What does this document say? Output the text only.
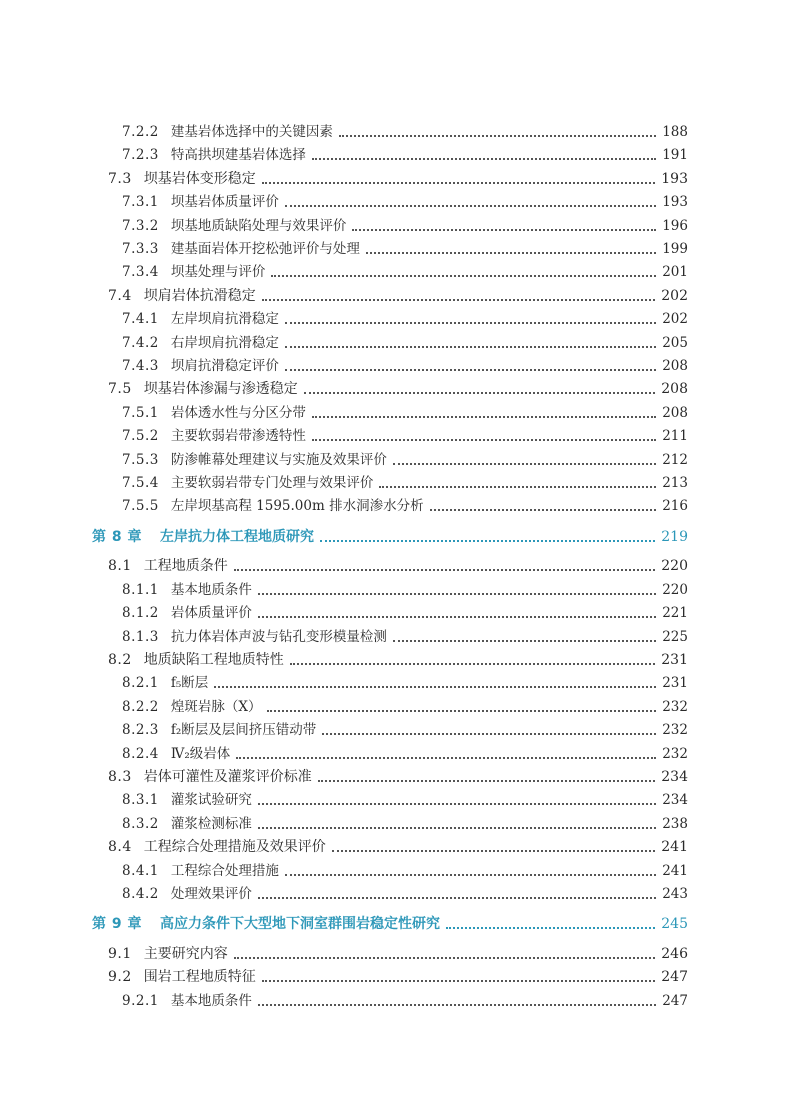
7.2.2 建基岩体选择中的关键因素	188
7.2.3 特高拱坝建基岩体选择	191
7.3 坝基岩体变形稳定	193
7.3.1 坝基岩体质量评价	193
7.3.2 坝基地质缺陷处理与效果评价	196
7.3.3 建基面岩体开挖松弛评价与处理	199
7.3.4 坝基处理与评价	201
7.4 坝肩岩体抗滑稳定	202
7.4.1 左岸坝肩抗滑稳定	202
7.4.2 右岸坝肩抗滑稳定	205
7.4.3 坝肩抗滑稳定评价	208
7.5 坝基岩体渗漏与渗透稳定	208
7.5.1 岩体透水性与分区分带	208
7.5.2 主要软弱岩带渗透特性	211
7.5.3 防渗帷幕处理建议与实施及效果评价	212
7.5.4 主要软弱岩带专门处理与效果评价	213
7.5.5 左岸坝基高程 1595.00m 排水洞渗水分析	216
第 8 章 左岸抗力体工程地质研究	219
8.1 工程地质条件	220
8.1.1 基本地质条件	220
8.1.2 岩体质量评价	221
8.1.3 抗力体岩体声波与钻孔变形模量检测	225
8.2 地质缺陷工程地质特性	231
8.2.1 f₅断层	231
8.2.2 煌斑岩脉（X）	232
8.2.3 f₂断层及层间挤压错动带	232
8.2.4 Ⅳ₂级岩体	232
8.3 岩体可灌性及灌浆评价标准	234
8.3.1 灌浆试验研究	234
8.3.2 灌浆检测标准	238
8.4 工程综合处理措施及效果评价	241
8.4.1 工程综合处理措施	241
8.4.2 处理效果评价	243
第 9 章 高应力条件下大型地下洞室群围岩稳定性研究	245
9.1 主要研究内容	246
9.2 围岩工程地质特征	247
9.2.1 基本地质条件	247
